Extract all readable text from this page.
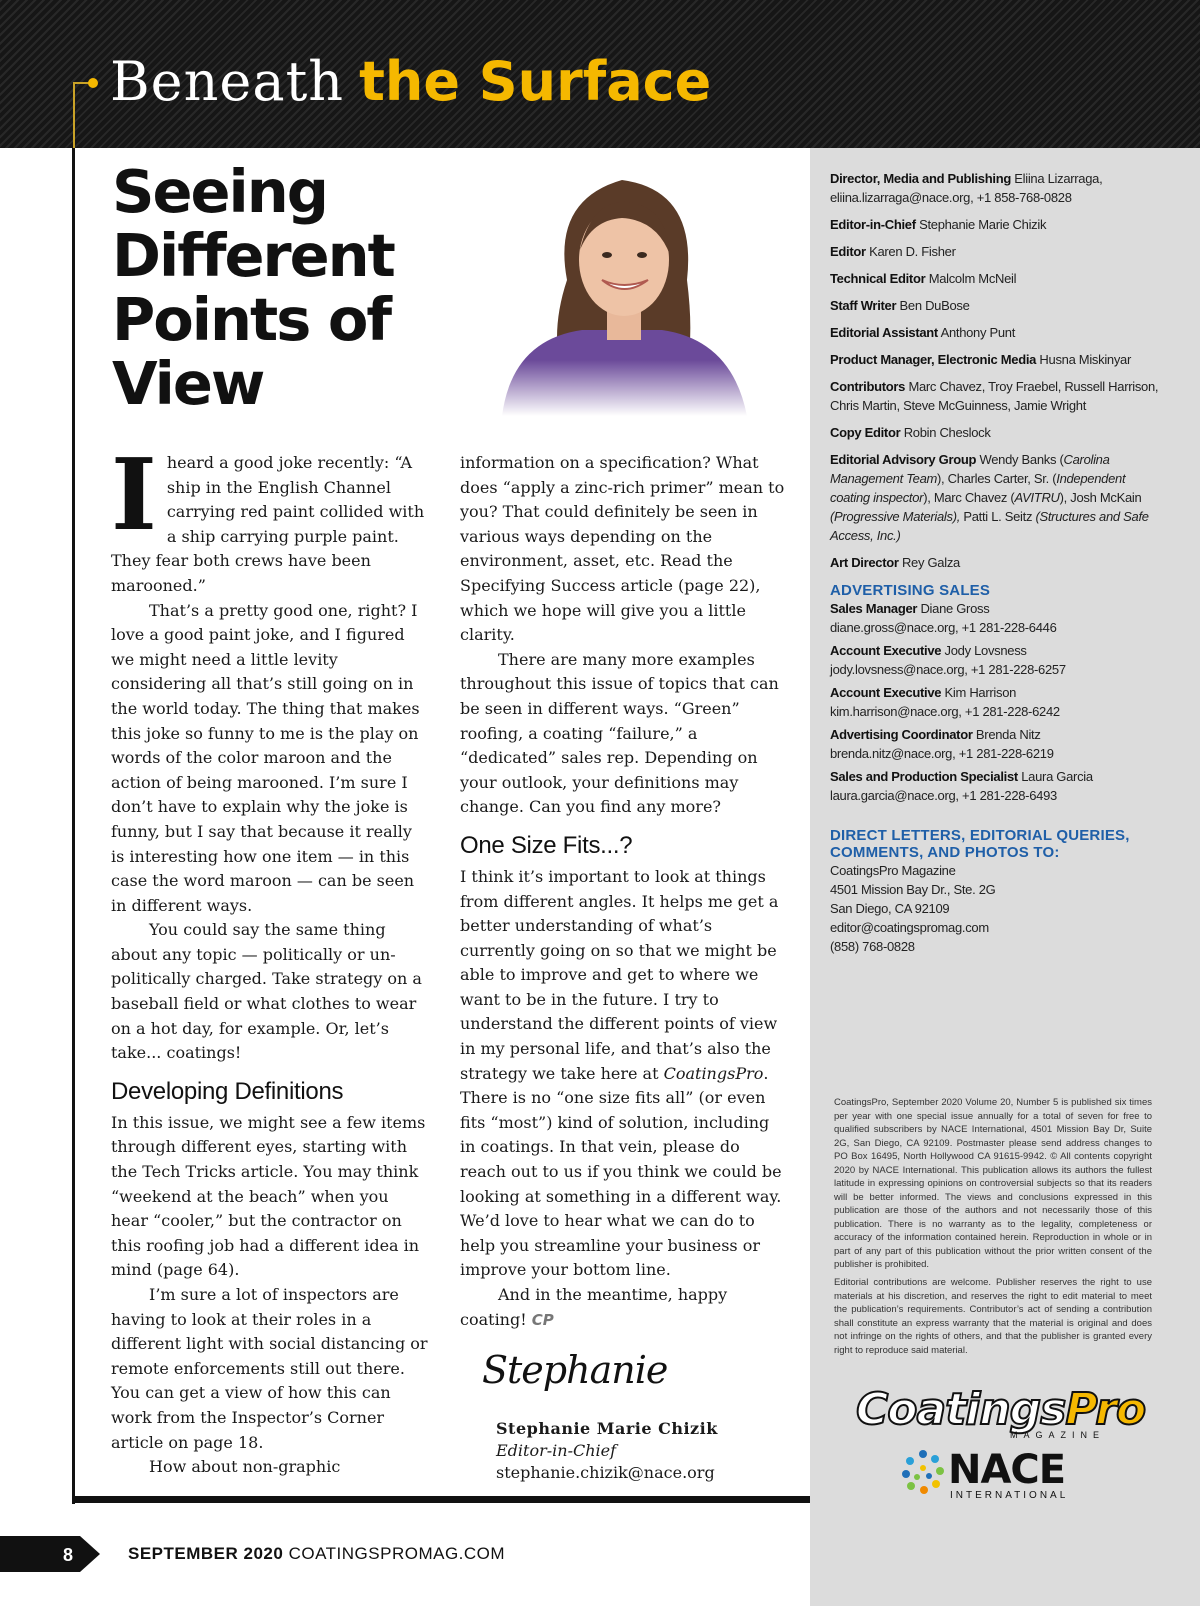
Beneath the Surface
Seeing Different Points of View

Iheard a good joke recently: “A ship in the English Channel carrying red paint collided with a ship carrying purple paint. They fear both crews have been marooned.”

That’s a pretty good one, right? I love a good paint joke, and I figured we might need a little levity considering all that’s still going on in the world today. The thing that makes this joke so funny to me is the play on words of the color maroon and the action of being marooned. I’m sure I don’t have to explain why the joke is funny, but I say that because it really is interesting how one item — in this case the word maroon — can be seen in different ways.

You could say the same thing about any topic — politically or un-politically charged. Take strategy on a baseball field or what clothes to wear on a hot day, for example. Or, let’s take... coatings!

Developing Definitions

In this issue, we might see a few items through different eyes, starting with the Tech Tricks article. You may think “weekend at the beach” when you hear “cooler,” but the contractor on this roofing job had a different idea in mind (page 64).

I’m sure a lot of inspectors are having to look at their roles in a different light with social distancing or remote enforcements still out there. You can get a view of how this can work from the Inspector’s Corner article on page 18.

How about non-graphic

information on a specification? What does “apply a zinc-rich primer” mean to you? That could definitely be seen in various ways depending on the environment, asset, etc. Read the Specifying Success article (page 22), which we hope will give you a little clarity.

There are many more examples throughout this issue of topics that can be seen in different ways. “Green” roofing, a coating “failure,” a “dedicated” sales rep. Depending on your outlook, your definitions may change. Can you find any more?

One Size Fits...?

I think it’s important to look at things from different angles. It helps me get a better understanding of what’s currently going on so that we might be able to improve and get to where we want to be in the future. I try to understand the different points of view in my personal life, and that’s also the strategy we take here at CoatingsPro. There is no “one size fits all” (or even fits “most”) kind of solution, including in coatings. In that vein, please do reach out to us if you think we could be looking at something in a different way. We’d love to hear what we can do to help you streamline your business or improve your bottom line.

And in the meantime, happy coating! CP

Stephanie
Stephanie Marie Chizik
Editor-in-Chief
stephanie.chizik@nace.org
Director, Media and Publishing Eliina Lizarraga, eliina.lizarraga@nace.org, +1 858-768-0828
Editor-in-Chief Stephanie Marie Chizik
Editor Karen D. Fisher
Technical Editor Malcolm McNeil
Staff Writer Ben DuBose
Editorial Assistant Anthony Punt
Product Manager, Electronic Media Husna Miskinyar
Contributors Marc Chavez, Troy Fraebel, Russell Harrison, Chris Martin, Steve McGuinness, Jamie Wright
Copy Editor Robin Cheslock
Editorial Advisory Group Wendy Banks (Carolina Management Team), Charles Carter, Sr. (Independent coating inspector), Marc Chavez (AVITRU), Josh McKain (Progressive Materials), Patti L. Seitz (Structures and Safe Access, Inc.)
Art Director Rey Galza
ADVERTISING SALES
Sales Manager Diane Gross
diane.gross@nace.org, +1 281-228-6446
Account Executive Jody Lovsness
jody.lovsness@nace.org, +1 281-228-6257
Account Executive Kim Harrison
kim.harrison@nace.org, +1 281-228-6242
Advertising Coordinator Brenda Nitz
brenda.nitz@nace.org, +1 281-228-6219
Sales and Production Specialist Laura Garcia
laura.garcia@nace.org, +1 281-228-6493
DIRECT LETTERS, EDITORIAL QUERIES, COMMENTS, AND PHOTOS TO:
CoatingsPro Magazine
4501 Mission Bay Dr., Ste. 2G
San Diego, CA 92109
editor@coatingspromag.com
(858) 768-0828
CoatingsPro, September 2020 Volume 20, Number 5 is published six times per year with one special issue annually for a total of seven for free to qualified subscribers by NACE International, 4501 Mission Bay Dr, Suite 2G, San Diego, CA 92109. Postmaster please send address changes to PO Box 16495, North Hollywood CA 91615-9942. © All contents copyright 2020 by NACE International. This publication allows its authors the fullest latitude in expressing opinions on controversial subjects so that its readers will be better informed. The views and conclusions expressed in this publication are those of the authors and not necessarily those of this publication. There is no warranty as to the legality, completeness or accuracy of the information contained herein. Reproduction in whole or in part of any part of this publication without the prior written consent of the publisher is prohibited.
Editorial contributions are welcome. Publisher reserves the right to use materials at his discretion, and reserves the right to edit material to meet the publication’s requirements. Contributor’s act of sending a contribution shall constitute an express warranty that the material is original and does not infringe on the rights of others, and that the publisher is granted every right to reproduce said material.
CoatingsPro
MAGAZINE
NACE
INTERNATIONAL
8	SEPTEMBER 2020 COATINGSPROMAG.COM
